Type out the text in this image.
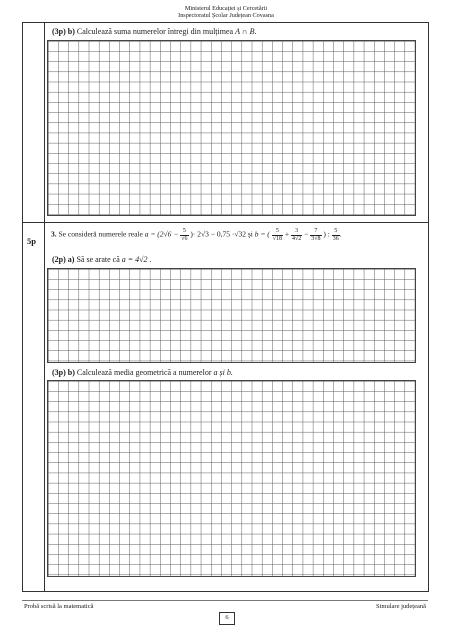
Ministerul Educației și Cercetării
Inspectoratul Școlar Județean Covasna
(3p) b) Calculează suma numerelor întregi din mulțimea A ∩ B.
5p
3. Se consideră numerele reale $a = (2√6 - \frac{5}{√6}$ )· 2√3 − 0,75 ·√32 și b = ( $\frac{5}{√18} + \frac{3}{4√2} - \frac{7}{3√8}$ ) : $\frac{5}{36}$ .
(2p) a) Să se arate că a = 4√2 .
(3p) b) Calculează media geometrică a numerelor a și b.
Probă scrisă la matematică	Simulare județeană
6
